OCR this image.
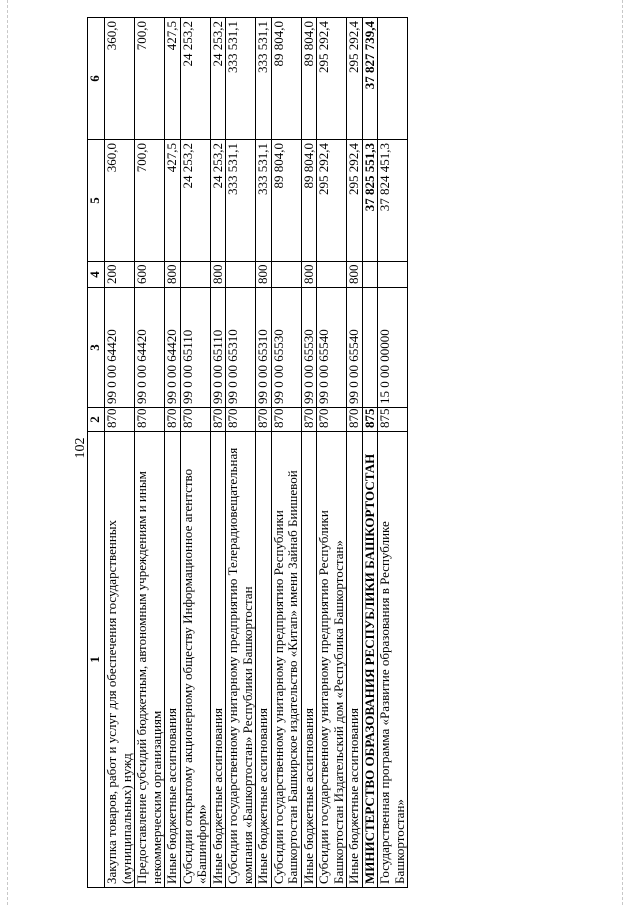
102
1	2	3	4	5	6
Закупка товаров, работ и услуг для обеспечения государственных (муниципальных) нужд	870	99 0 00 64420	200	360,0	360,0
Предоставление субсидий бюджетным, автономным учреждениям и иным некоммерческим организациям	870	99 0 00 64420	600	700,0	700,0
Иные бюджетные ассигнования	870	99 0 00 64420	800	427,5	427,5
Субсидии открытому акционерному обществу Информационное агентство «Башинформ»	870	99 0 00 65110		24 253,2	24 253,2
Иные бюджетные ассигнования	870	99 0 00 65110	800	24 253,2	24 253,2
Субсидии государственному унитарному предприятию Телерадиовещательная компания «Башкортостан» Республики Башкортостан	870	99 0 00 65310		333 531,1	333 531,1
Иные бюджетные ассигнования	870	99 0 00 65310	800	333 531,1	333 531,1
Субсидии государственному унитарному предприятию Республики Башкортостан Башкирское издательство «Китап» имени Зайнаб Биишевой	870	99 0 00 65530		89 804,0	89 804,0
Иные бюджетные ассигнования	870	99 0 00 65530	800	89 804,0	89 804,0
Субсидии государственному унитарному предприятию Республики Башкортостан Издательский дом «Республика Башкортостан»	870	99 0 00 65540		295 292,4	295 292,4
Иные бюджетные ассигнования	870	99 0 00 65540	800	295 292,4	295 292,4
МИНИСТЕРСТВО ОБРАЗОВАНИЯ РЕСПУБЛИКИ БАШКОРТОСТАН	875			37 825 551,3	37 827 739,4
Государственная программа «Развитие образования в Республике Башкортостан»	875	15 0 00 00000		37 824 451,3	
